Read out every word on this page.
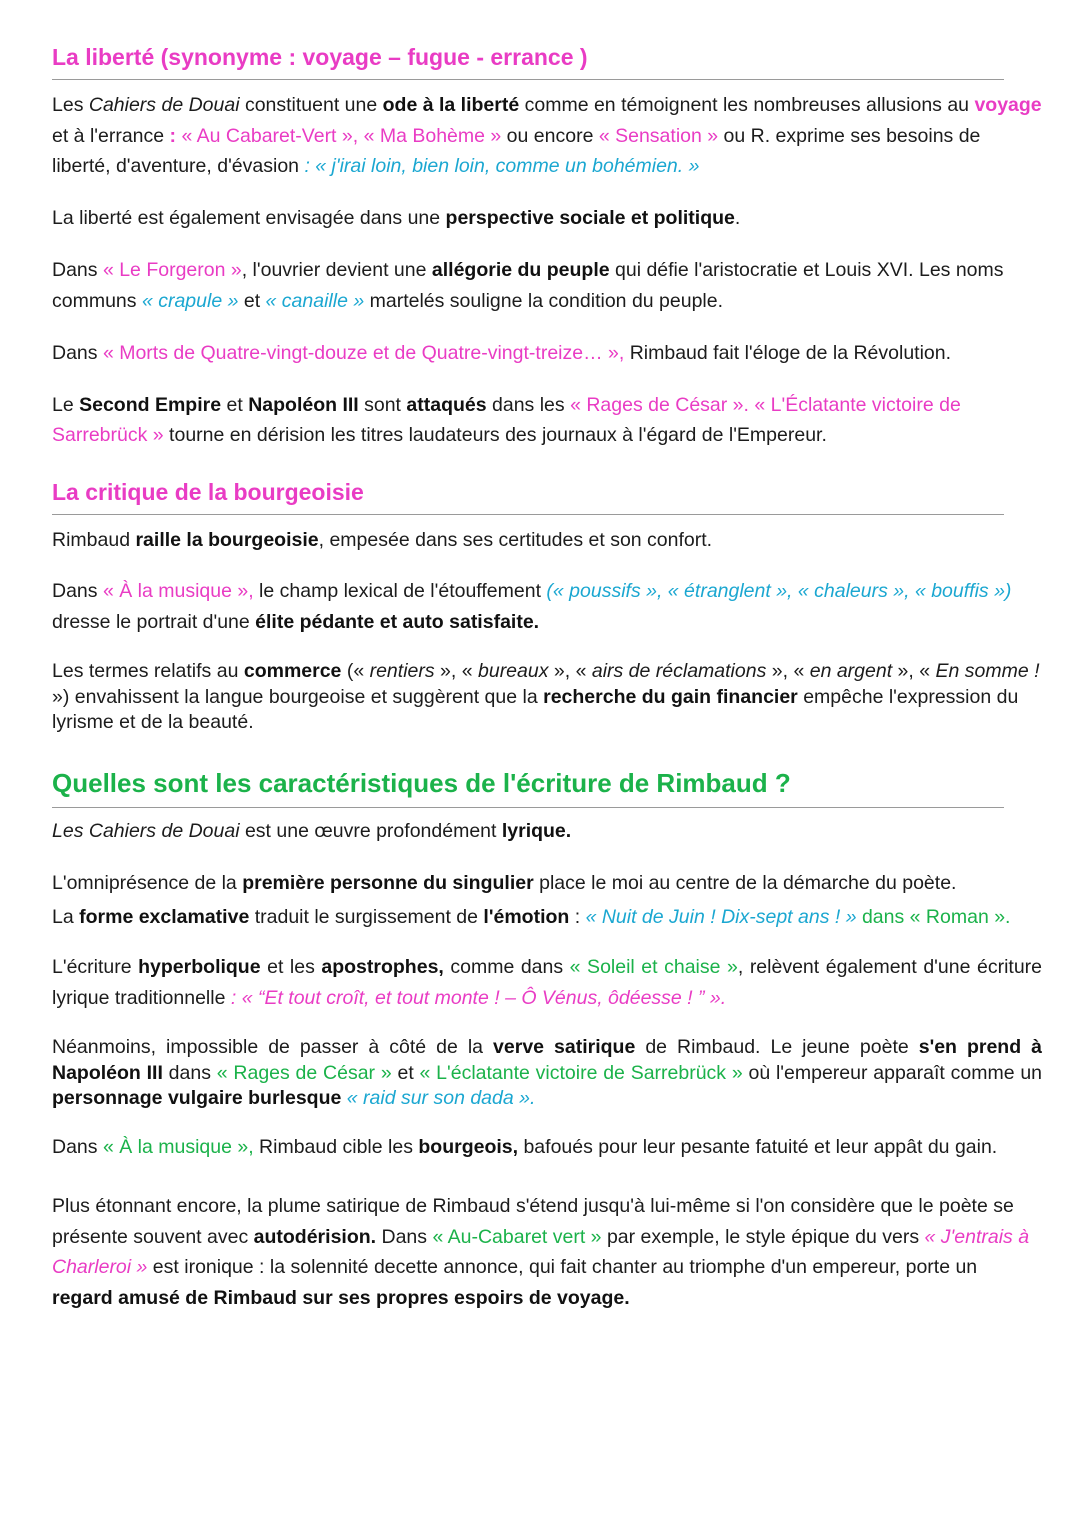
La liberté (synonyme : voyage – fugue - errance )

Les Cahiers de Douai constituent une ode à la liberté comme en témoignent les nombreuses allusions au voyage et à l'errance : « Au Cabaret-Vert », « Ma Bohème » ou encore « Sensation » ou R. exprime ses besoins de liberté, d'aventure, d'évasion : « j'irai loin, bien loin, comme un bohémien. »

La liberté est également envisagée dans une perspective sociale et politique.

Dans « Le Forgeron », l'ouvrier devient une allégorie du peuple qui défie l'aristocratie et Louis XVI. Les noms communs « crapule » et « canaille » martelés souligne la condition du peuple.

Dans « Morts de Quatre-vingt-douze et de Quatre-vingt-treize… », Rimbaud fait l'éloge de la Révolution.

Le Second Empire et Napoléon III sont attaqués dans les « Rages de César ». « L'Éclatante victoire de Sarrebrück » tourne en dérision les titres laudateurs des journaux à l'égard de l'Empereur.

La critique de la bourgeoisie

Rimbaud raille la bourgeoisie, empesée dans ses certitudes et son confort.

Dans « À la musique », le champ lexical de l'étouffement (« poussifs », « étranglent », « chaleurs », « bouffis ») dresse le portrait d'une élite pédante et auto satisfaite.

Les termes relatifs au commerce (« rentiers », « bureaux », « airs de réclamations », « en argent », « En somme ! ») envahissent la langue bourgeoise et suggèrent que la recherche du gain financier empêche l'expression du lyrisme et de la beauté.

Quelles sont les caractéristiques de l'écriture de Rimbaud ?

Les Cahiers de Douai est une œuvre profondément lyrique.

L'omniprésence de la première personne du singulier place le moi au centre de la démarche du poète.

La forme exclamative traduit le surgissement de l'émotion : « Nuit de Juin ! Dix-sept ans ! » dans « Roman ».

L'écriture hyperbolique et les apostrophes, comme dans « Soleil et chaise », relèvent également d'une écriture lyrique traditionnelle : « “Et tout croît, et tout monte ! – Ô Vénus, ôdéesse ! ” ».

Néanmoins, impossible de passer à côté de la verve satirique de Rimbaud. Le jeune poète s'en prend à Napoléon III dans « Rages de César » et « L'éclatante victoire de Sarrebrück » où l'empereur apparaît comme un personnage vulgaire burlesque « raid sur son dada ».

Dans « À la musique », Rimbaud cible les bourgeois, bafoués pour leur pesante fatuité et leur appât du gain.

Plus étonnant encore, la plume satirique de Rimbaud s'étend jusqu'à lui-même si l'on considère que le poète se présente souvent avec autodérision. Dans « Au-Cabaret vert » par exemple, le style épique du vers « J'entrais à Charleroi » est ironique : la solennité decette annonce, qui fait chanter au triomphe d'un empereur, porte un regard amusé de Rimbaud sur ses propres espoirs de voyage.
